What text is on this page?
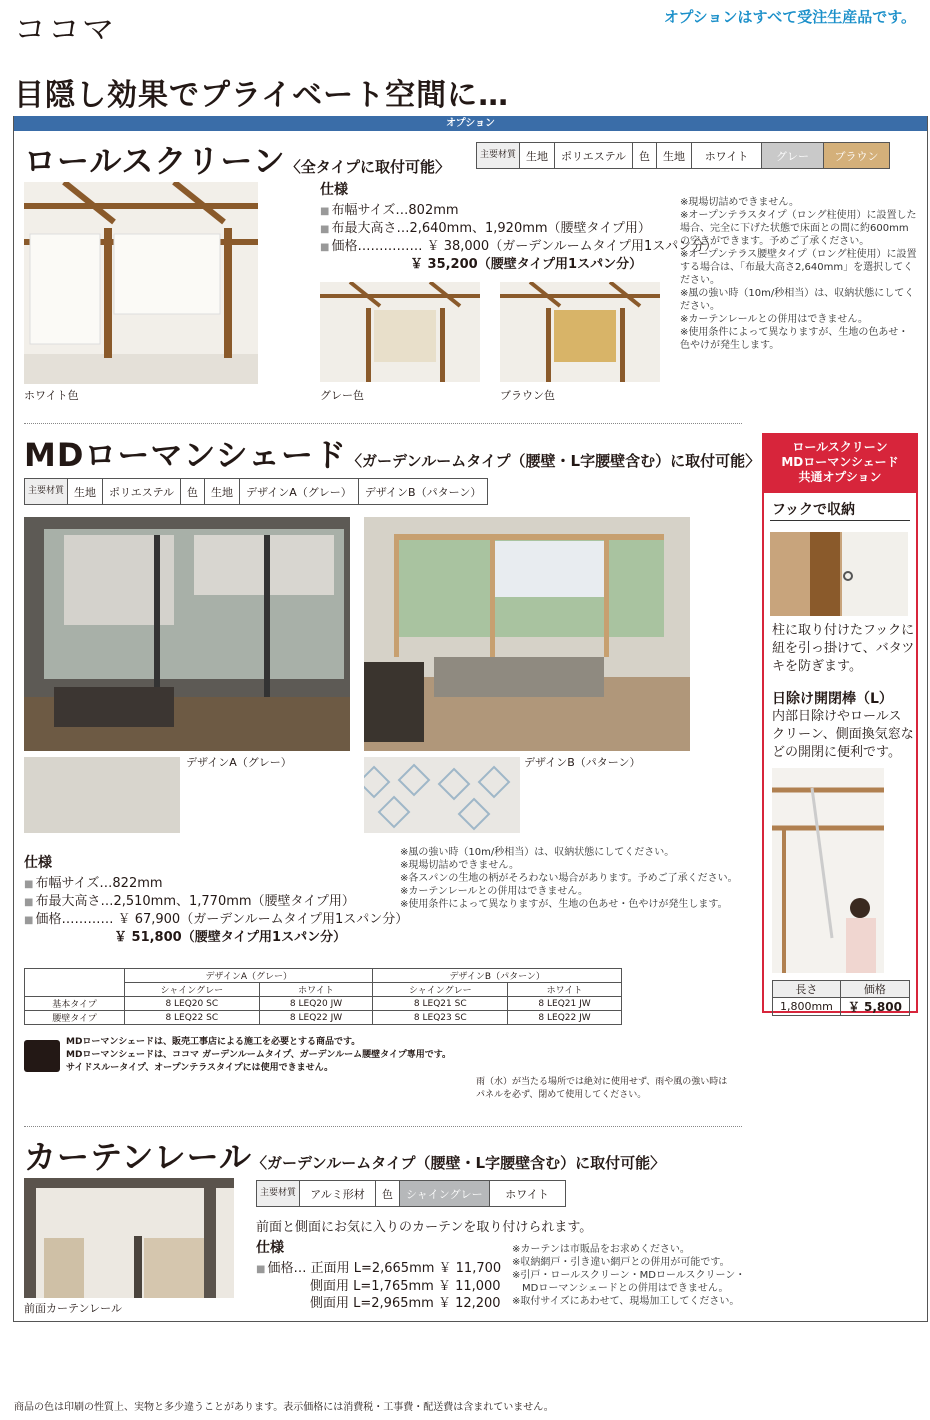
ココマ	オプションはすべて受注生産品です。
目隠し効果でプライベート空間に…
オプション
ロールスクリーン〈全タイプに取付可能〉
主要材質	生地	ポリエステル	色	生地	ホワイト	グレー	ブラウン
ホワイト色
仕様
■ 布幅サイズ…802mm
■ 布最大高さ…2,640mm、1,920mm（腰壁タイプ用）
■ 価格…………… ￥ 38,000（ガーデンルームタイプ用1スパン分）
￥ 35,200（腰壁タイプ用1スパン分）
グレー色	ブラウン色
※現場切詰めできません。
※オープンテラスタイプ（ロング柱使用）に設置した場合、完全に下げた状態で床面との間に約600mmの空きができます。予めご了承ください。
※オープンテラス腰壁タイプ（ロング柱使用）に設置する場合は、「布最大高さ2,640mm」を選択してください。
※風の強い時（10m/秒相当）は、収納状態にしてください。
※カーテンレールとの併用はできません。
※使用条件によって異なりますが、生地の色あせ・色やけが発生します。
MDローマンシェード〈ガーデンルームタイプ（腰壁・L字腰壁含む）に取付可能〉
主要材質	生地	ポリエステル	色	生地	デザインA（グレー）	デザインB（パターン）
デザインA（グレー）	デザインB（パターン）
仕様
■ 布幅サイズ…822mm
■ 布最大高さ…2,510mm、1,770mm（腰壁タイプ用）
■ 価格………… ￥ 67,900（ガーデンルームタイプ用1スパン分）
￥ 51,800（腰壁タイプ用1スパン分）
※風の強い時（10m/秒相当）は、収納状態にしてください。
※現場切詰めできません。
※各スパンの生地の柄がそろわない場合があります。予めご了承ください。
※カーテンレールとの併用はできません。
※使用条件によって異なりますが、生地の色あせ・色やけが発生します。
	デザインA（グレー）		デザインB（パターン）	
	シャイングレー	ホワイト	シャイングレー	ホワイト
基本タイプ	8 LEQ20 SC	8 LEQ20 JW	8 LEQ21 SC	8 LEQ21 JW
腰壁タイプ	8 LEQ22 SC	8 LEQ22 JW	8 LEQ23 SC	8 LEQ22 JW
MDローマンシェードは、販売工事店による施工を必要とする商品です。
MDローマンシェードは、ココマ ガーデンルームタイプ、ガーデンルーム腰壁タイプ専用です。
サイドスルータイプ、オープンテラスタイプには使用できません。
雨（水）が当たる場所では絶対に使用せず、雨や風の強い時は
パネルを必ず、閉めて使用してください。
ロールスクリーン
MDローマンシェード
共通オプション
フックで収納
柱に取り付けたフックに
紐を引っ掛けて、バタツ
キを防ぎます。
日除け開閉棒（L）
内部日除けやロールス
クリーン、側面換気窓な
どの開閉に便利です。
長さ	価格
1,800mm	￥ 5,800
カーテンレール〈ガーデンルームタイプ（腰壁・L字腰壁含む）に取付可能〉
前面カーテンレール
主要材質	アルミ形材	色	シャイングレー	ホワイト
前面と側面にお気に入りのカーテンを取り付けられます。
仕様
■ 価格… 正面用 L=2,665mm ￥ 11,700
側面用 L=1,765mm ￥ 11,000
側面用 L=2,965mm ￥ 12,200
※カーテンは市販品をお求めください。
※収納網戸・引き違い網戸との併用が可能です。
※引戸・ロールスクリーン・MDロールスクリーン・
　MDローマンシェードとの併用はできません。
※取付サイズにあわせて、現場加工してください。
商品の色は印刷の性質上、実物と多少違うことがあります。表示価格には消費税・工事費・配送費は含まれていません。
